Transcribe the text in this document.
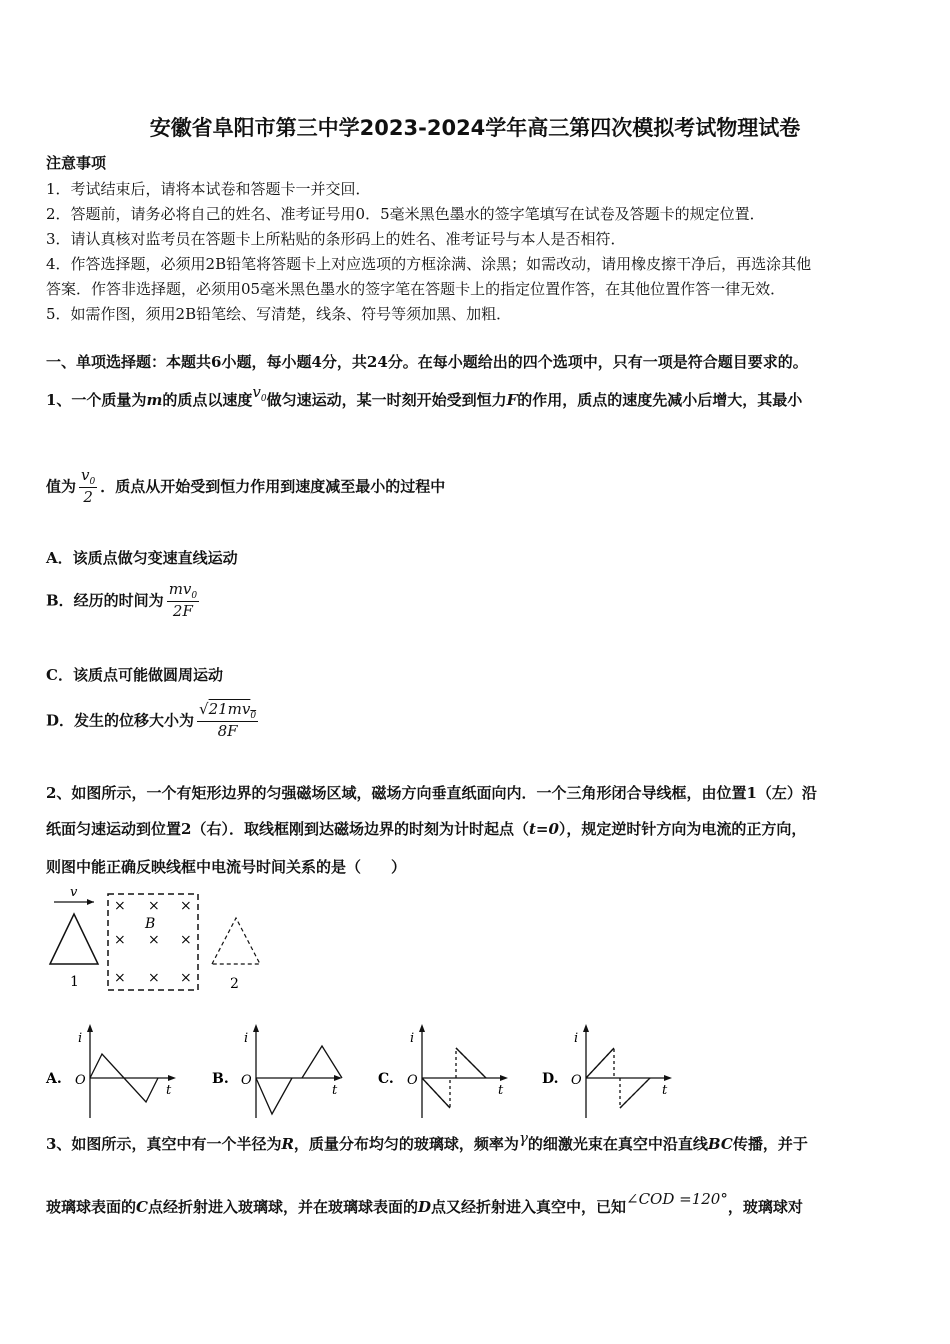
安徽省阜阳市第三中学2023-2024学年高三第四次模拟考试物理试卷
注意事项
1．考试结束后，请将本试卷和答题卡一并交回．
2．答题前，请务必将自己的姓名、准考证号用0．5毫米黑色墨水的签字笔填写在试卷及答题卡的规定位置．
3．请认真核对监考员在答题卡上所粘贴的条形码上的姓名、准考证号与本人是否相符．
4．作答选择题，必须用2B铅笔将答题卡上对应选项的方框涂满、涂黑；如需改动，请用橡皮擦干净后，再选涂其他
答案．作答非选择题，必须用05毫米黑色墨水的签字笔在答题卡上的指定位置作答，在其他位置作答一律无效．
5．如需作图，须用2B铅笔绘、写清楚，线条、符号等须加黑、加粗．
一、单项选择题：本题共6小题，每小题4分，共24分。在每小题给出的四个选项中，只有一项是符合题目要求的。
1、一个质量为m的质点以速度$v_0$做匀速运动，某一时刻开始受到恒力F的作用，质点的速度先减小后增大，其最小
值为 $\frac{v_0}{2}$ ．质点从开始受到恒力作用到速度减至最小的过程中
A．该质点做匀变速直线运动
B．经历的时间为 $\frac{mv_0}{2F}$
C．该质点可能做圆周运动
D．发生的位移大小为 $\frac{√21mv_0}{8F}$
2、如图所示，一个有矩形边界的匀强磁场区域，磁场方向垂直纸面向内．一个三角形闭合导线框，由位置1（左）沿
纸面匀速运动到位置2（右）．取线框刚到达磁场边界的时刻为计时起点（t=0），规定逆时针方向为电流的正方向，
则图中能正确反映线框中电流号时间关系的是（　　）
v
× × ×
× × ×
× × ×
B
1	2
A.
i
t
O	B.
i
t
O	C.
i
t
O	D.
i
t
O
3、如图所示，真空中有一个半径为R，质量分布均匀的玻璃球，频率为γ的细激光束在真空中沿直线BC传播，并于
玻璃球表面的C点经折射进入玻璃球，并在玻璃球表面的D点又经折射进入真空中，已知∠COD =120°，玻璃球对
